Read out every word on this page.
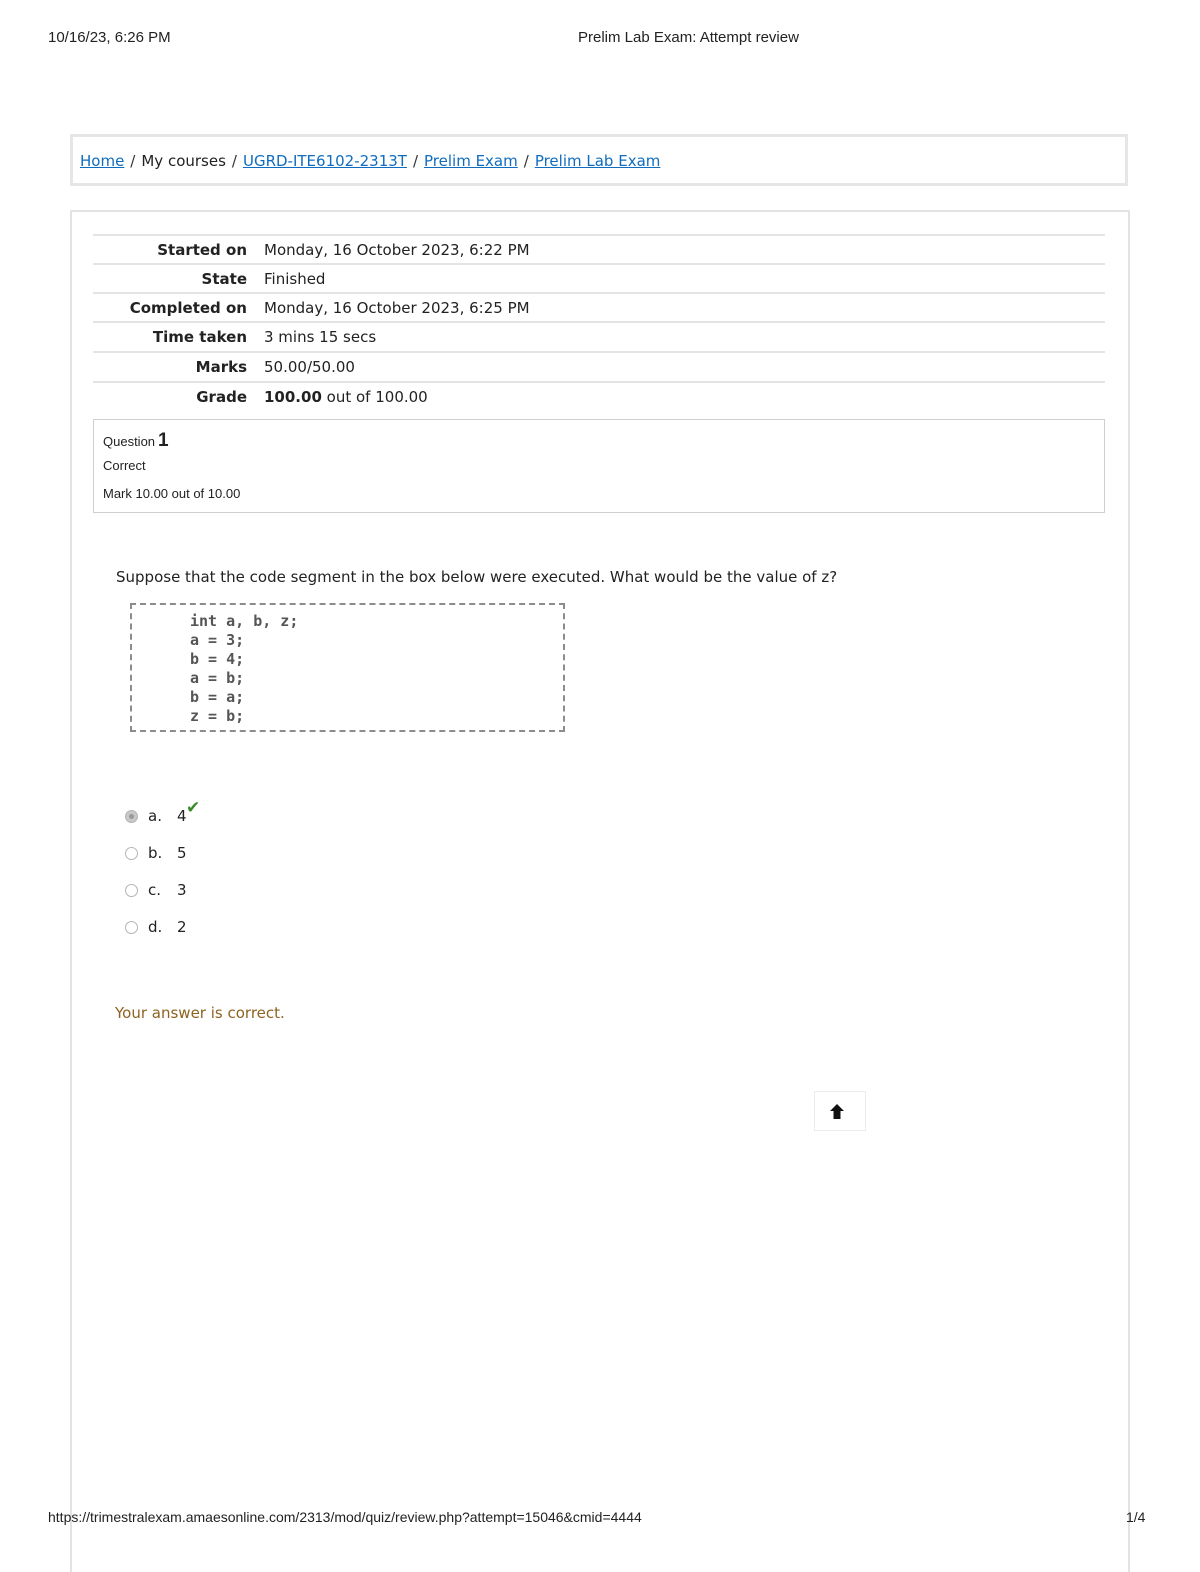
10/16/23, 6:26 PM	Prelim Lab Exam: Attempt review
Home / My courses / UGRD-ITE6102-2313T / Prelim Exam / Prelim Lab Exam
Started on Monday, 16 October 2023, 6:22 PM
State Finished
Completed on Monday, 16 October 2023, 6:25 PM
Time taken 3 mins 15 secs
Marks 50.00/50.00
Grade 100.00 out of 100.00
Question 1
Correct
Mark 10.00 out of 10.00
Suppose that the code segment in the box below were executed. What would be the value of z?
int a, b, z;
a = 3;
b = 4;
a = b;
b = a;
z = b;
a. 4 ✔
b. 5
c. 3
d. 2
Your answer is correct.
https://trimestralexam.amaesonline.com/2313/mod/quiz/review.php?attempt=15046&cmid=4444	1/4
